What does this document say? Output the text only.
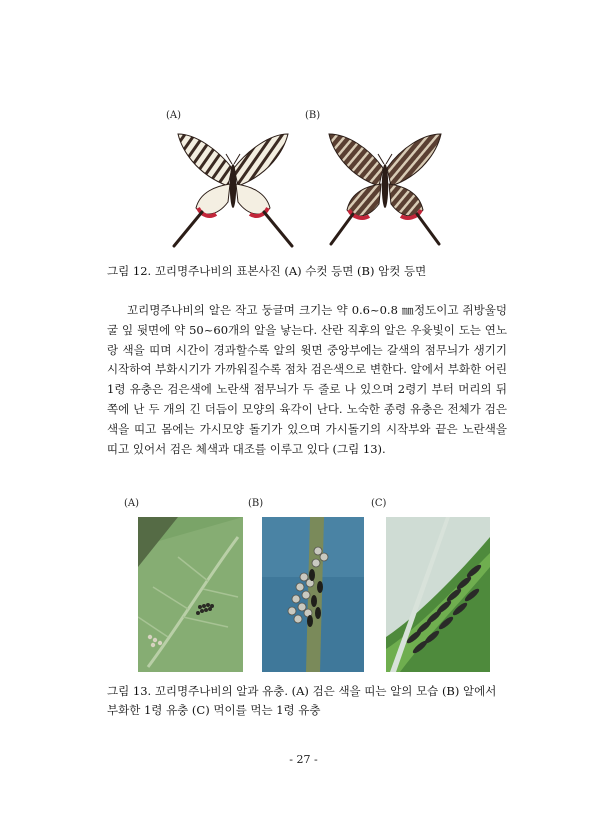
(A)	(B)
그림 12. 꼬리명주나비의 표본사진 (A) 수컷 등면 (B) 암컷 등면

꼬리명주나비의 알은 작고 둥글며 크기는 약 0.6~0.8 ㎜정도이고 쥐방울덩굴 잎 뒷면에 약 50~60개의 알을 낳는다. 산란 직후의 알은 우윳빛이 도는 연노랑 색을 띠며 시간이 경과할수록 알의 윗면 중앙부에는 갈색의 점무늬가 생기기 시작하여 부화시기가 가까워질수록 점차 검은색으로 변한다. 알에서 부화한 어린 1령 유충은 검은색에 노란색 점무늬가 두 줄로 나 있으며 2령기 부터 머리의 뒤쪽에 난 두 개의 긴 더듬이 모양의 육각이 난다. 노숙한 종령 유충은 전체가 검은색을 띠고 몸에는 가시모양 돌기가 있으며 가시돌기의 시작부와 끝은 노란색을 띠고 있어서 검은 체색과 대조를 이루고 있다 (그림 13).

(A)	(B)	(C)
그림 13. 꼬리명주나비의 알과 유충. (A) 검은 색을 띠는 알의 모습 (B) 알에서
부화한 1령 유충 (C) 먹이를 먹는 1령 유충
- 27 -
